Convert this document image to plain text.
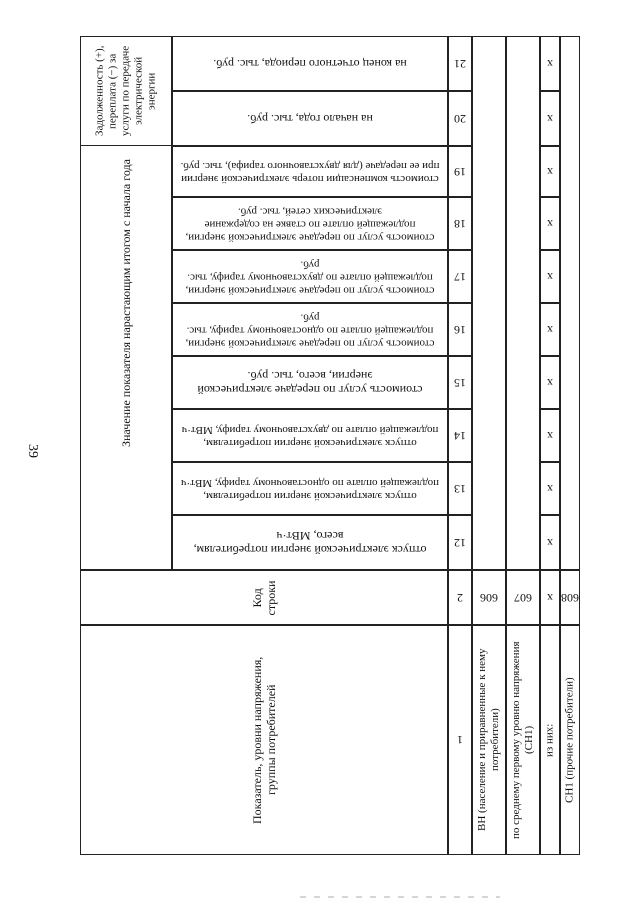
39
Значение показателя нарастающим итогом с начала года
Код строки
Показатель, уровни напряжения, группы потребителей
Задолженность (+), переплата (−) за услуги по передаче электрической энергии
отпуск электрической энергии потребителям, всего, МВт·ч
отпуск электрической энергии потребителям, подлежащей оплате по одноставочному тарифу, МВт·ч
отпуск электрической энергии потребителям, подлежащей оплате по двухставочному тарифу, МВт·ч
стоимость услуг по передаче электрической энергии, всего, тыс. руб.
стоимость услуг по передаче электрической энергии, подлежащей оплате по одноставочному тарифу, тыс. руб.
стоимость услуг по передаче электрической энергии, подлежащей оплате по двухставочному тарифу, тыс. руб.
стоимость услуг по передаче электрической энергии, подлежащей оплате по ставке на содержание электрических сетей, тыс. руб.
стоимость компенсации потерь электрической энергии при ее передаче (для двухставочного тарифа), тыс. руб.
на начало года, тыс. руб.
на конец отчетного периода, тыс. руб.
1
2
12
13
14
15
16
17
18
19
20
21
ВН (население и приравненные к нему потребители)
606
по среднему первому уровню напряжения (СН1)
607
из них:
x
x
x
x
x
x
x
x
x
x
x
СН1 (прочие потребители)
608
